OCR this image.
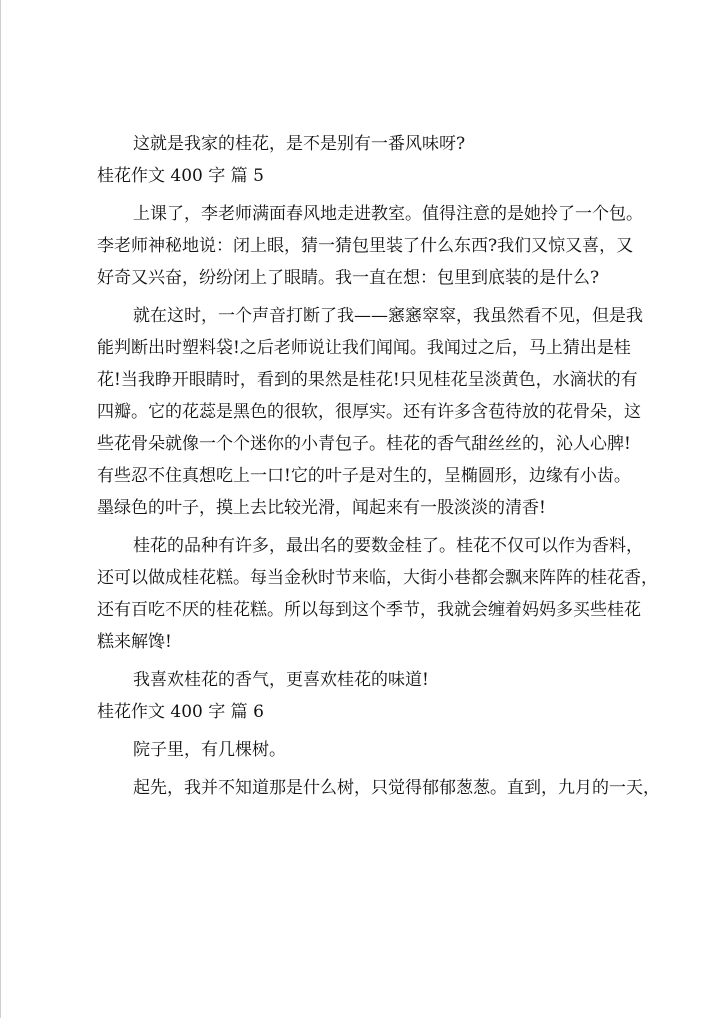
这就是我家的桂花，是不是别有一番风味呀?
桂花作文 400 字 篇 5
上课了，李老师满面春风地走进教室。值得注意的是她拎了一个包。
李老师神秘地说：闭上眼，猜一猜包里装了什么东西?我们又惊又喜，又
好奇又兴奋，纷纷闭上了眼睛。我一直在想：包里到底装的是什么?
就在这时，一个声音打断了我——窸窸窣窣，我虽然看不见，但是我
能判断出时塑料袋!之后老师说让我们闻闻。我闻过之后，马上猜出是桂
花!当我睁开眼睛时，看到的果然是桂花!只见桂花呈淡黄色，水滴状的有
四瓣。它的花蕊是黑色的很软，很厚实。还有许多含苞待放的花骨朵，这
些花骨朵就像一个个迷你的小青包子。桂花的香气甜丝丝的，沁人心脾!
有些忍不住真想吃上一口!它的叶子是对生的，呈椭圆形，边缘有小齿。
墨绿色的叶子，摸上去比较光滑，闻起来有一股淡淡的清香!
桂花的品种有许多，最出名的要数金桂了。桂花不仅可以作为香料，
还可以做成桂花糕。每当金秋时节来临，大街小巷都会飘来阵阵的桂花香，
还有百吃不厌的桂花糕。所以每到这个季节，我就会缠着妈妈多买些桂花
糕来解馋!
我喜欢桂花的香气，更喜欢桂花的味道!
桂花作文 400 字 篇 6
院子里，有几棵树。
起先，我并不知道那是什么树，只觉得郁郁葱葱。直到，九月的一天，
